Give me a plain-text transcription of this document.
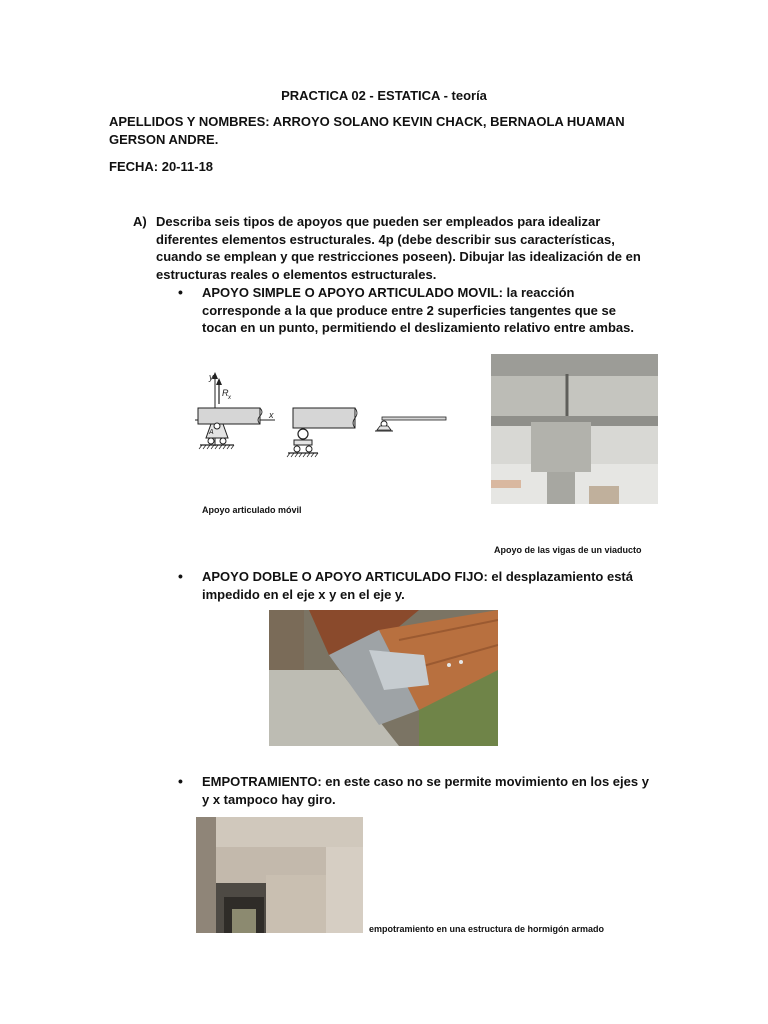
PRACTICA 02 - ESTATICA - teoría
APELLIDOS Y NOMBRES: ARROYO SOLANO KEVIN CHACK, BERNAOLA HUAMAN GERSON ANDRE.
FECHA: 20-11-18
A) Describa seis tipos de apoyos que pueden ser empleados para idealizar diferentes elementos estructurales. 4p (debe describir sus características, cuando se emplean y que restricciones poseen). Dibujar las idealización de en estructuras reales o elementos estructurales.
• APOYO SIMPLE O APOYO ARTICULADO MOVIL: la reacción corresponde a la que produce entre 2 superficies tangentes que se tocan en un punto, permitiendo el deslizamiento relativo entre ambas.
y
x
R x
A
Apoyo articulado móvil
Apoyo de las vigas de un viaducto
• APOYO DOBLE O APOYO ARTICULADO FIJO: el desplazamiento está impedido en el eje x y en el eje y.
• EMPOTRAMIENTO: en este caso no se permite movimiento en los ejes y y x tampoco hay giro.
empotramiento en una estructura de hormigón armado
